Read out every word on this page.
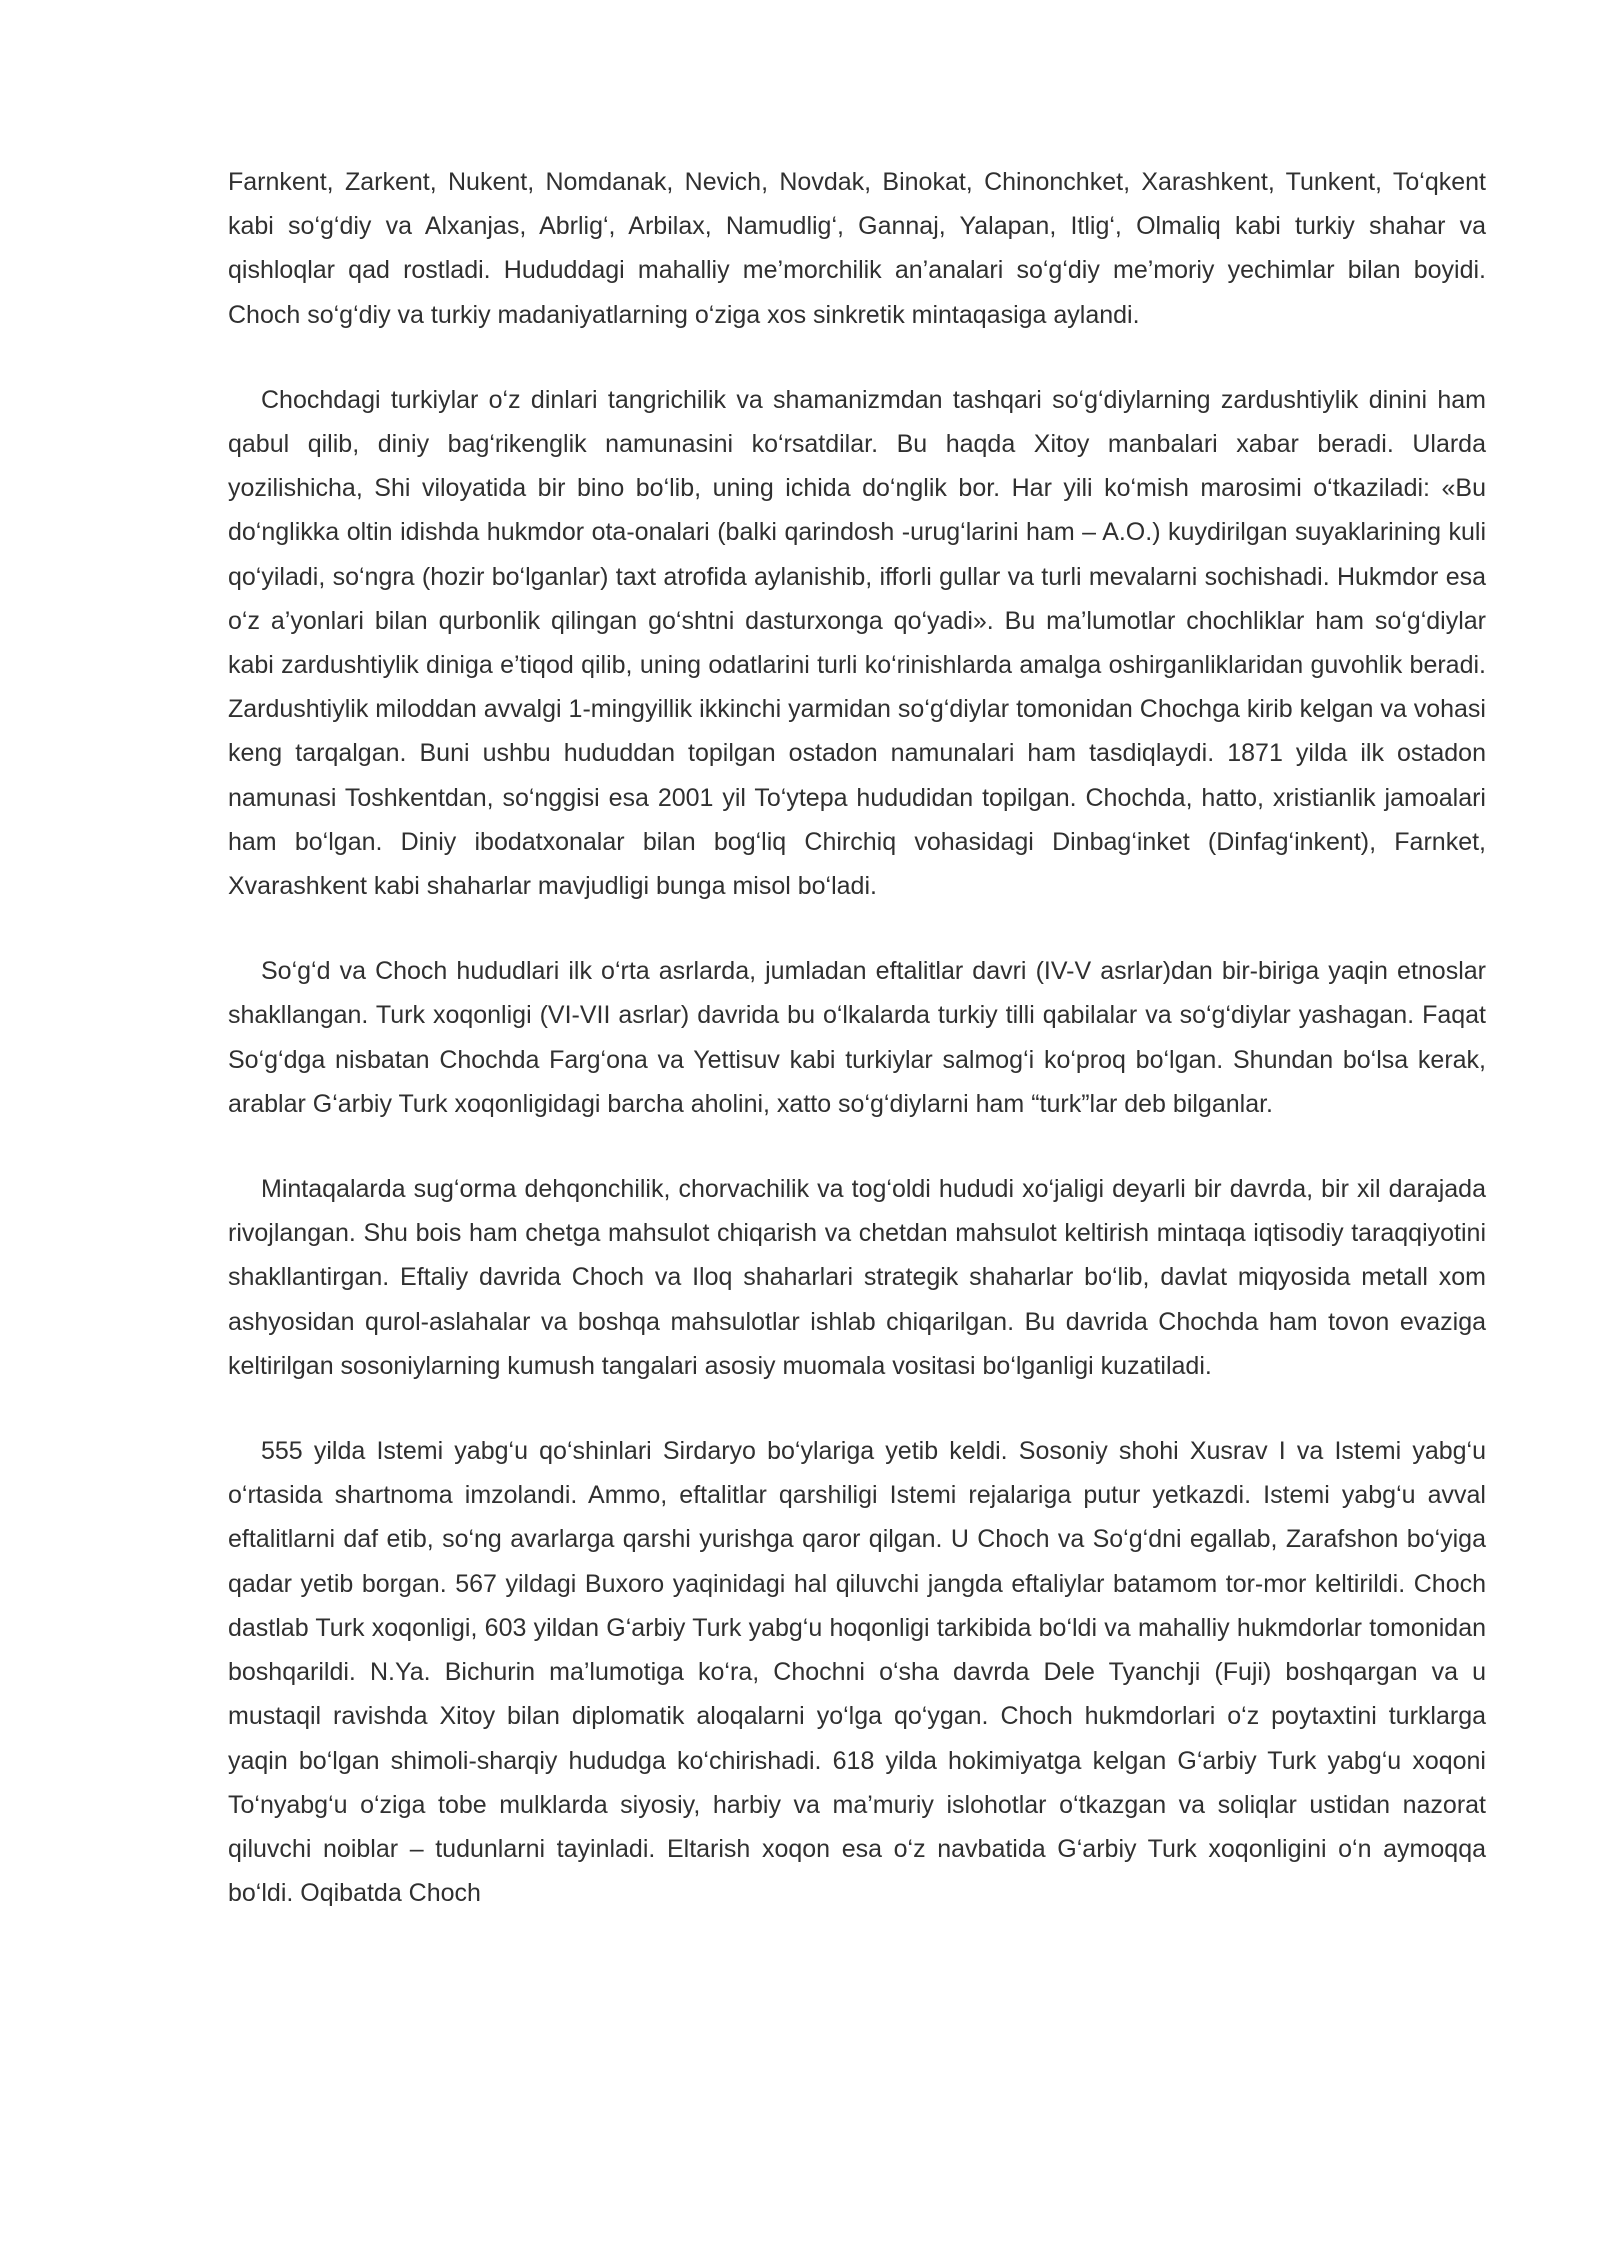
Farnkent, Zarkent, Nukent, Nomdanak, Nevich, Novdak, Binokat, Chinonchket, Xarashkent, Tunkent, To‘qkent kabi so‘g‘diy va Alxanjas, Abrlig‘, Arbilax, Namudlig‘, Gannaj, Yalapan, Itlig‘, Olmaliq kabi turkiy shahar va qishloqlar qad rostladi. Hududdagi mahalliy me’morchilik an’analari so‘g‘diy me’moriy yechimlar bilan boyidi. Choch so‘g‘diy va turkiy madaniyatlarning o‘ziga xos sinkretik mintaqasiga aylandi.

Chochdagi turkiylar o‘z dinlari tangrichilik va shamanizmdan tashqari so‘g‘diylarning zardushtiylik dinini ham qabul qilib, diniy bag‘rikenglik namunasini ko‘rsatdilar. Bu haqda Xitoy manbalari xabar beradi. Ularda yozilishicha, Shi viloyatida bir bino bo‘lib, uning ichida do‘nglik bor. Har yili ko‘mish marosimi o‘tkaziladi: «Bu do‘nglikka oltin idishda hukmdor ota-onalari (balki qarindosh -urug‘larini ham – A.O.) kuydirilgan suyaklarining kuli qo‘yiladi, so‘ngra (hozir bo‘lganlar) taxt atrofida aylanishib, ifforli gullar va turli mevalarni sochishadi. Hukmdor esa o‘z a’yonlari bilan qurbonlik qilingan go‘shtni dasturxonga qo‘yadi». Bu ma’lumotlar chochliklar ham so‘g‘diylar kabi zardushtiylik diniga e’tiqod qilib, uning odatlarini turli ko‘rinishlarda amalga oshirganliklaridan guvohlik beradi. Zardushtiylik miloddan avvalgi 1-mingyillik ikkinchi yarmidan so‘g‘diylar tomonidan Chochga kirib kelgan va vohasi keng tarqalgan. Buni ushbu hududdan topilgan ostadon namunalari ham tasdiqlaydi. 1871 yilda ilk ostadon namunasi Toshkentdan, so‘nggisi esa 2001 yil To‘ytepa hududidan topilgan. Chochda, hatto, xristianlik jamoalari ham bo‘lgan. Diniy ibodatxonalar bilan bog‘liq Chirchiq vohasidagi Dinbag‘inket (Dinfag‘inkent), Farnket, Xvarashkent kabi shaharlar mavjudligi bunga misol bo‘ladi.

So‘g‘d va Choch hududlari ilk o‘rta asrlarda, jumladan eftalitlar davri (IV-V asrlar)dan bir-biriga yaqin etnoslar shakllangan. Turk xoqonligi (VI-VII asrlar) davrida bu o‘lkalarda turkiy tilli qabilalar va so‘g‘diylar yashagan. Faqat So‘g‘dga nisbatan Chochda Farg‘ona va Yettisuv kabi turkiylar salmog‘i ko‘proq bo‘lgan. Shundan bo‘lsa kerak, arablar G‘arbiy Turk xoqonligidagi barcha aholini, xatto so‘g‘diylarni ham “turk”lar deb bilganlar.

Mintaqalarda sug‘orma dehqonchilik, chorvachilik va tog‘oldi hududi xo‘jaligi deyarli bir davrda, bir xil darajada rivojlangan. Shu bois ham chetga mahsulot chiqarish va chetdan mahsulot keltirish mintaqa iqtisodiy taraqqiyotini shakllantirgan. Eftaliy davrida Choch va Iloq shaharlari strategik shaharlar bo‘lib, davlat miqyosida metall xom ashyosidan qurol-aslahalar va boshqa mahsulotlar ishlab chiqarilgan. Bu davrida Chochda ham tovon evaziga keltirilgan sosoniylarning kumush tangalari asosiy muomala vositasi bo‘lganligi kuzatiladi.

555 yilda Istemi yabg‘u qo‘shinlari Sirdaryo bo‘ylariga yetib keldi. Sosoniy shohi Xusrav I va Istemi yabg‘u o‘rtasida shartnoma imzolandi. Ammo, eftalitlar qarshiligi Istemi rejalariga putur yetkazdi. Istemi yabg‘u avval eftalitlarni daf etib, so‘ng avarlarga qarshi yurishga qaror qilgan. U Choch va So‘g‘dni egallab, Zarafshon bo‘yiga qadar yetib borgan. 567 yildagi Buxoro yaqinidagi hal qiluvchi jangda eftaliylar batamom tor-mor keltirildi. Choch dastlab Turk xoqonligi, 603 yildan G‘arbiy Turk yabg‘u hoqonligi tarkibida bo‘ldi va mahalliy hukmdorlar tomonidan boshqarildi. N.Ya. Bichurin ma’lumotiga ko‘ra, Chochni o‘sha davrda Dele Tyanchji (Fuji) boshqargan va u mustaqil ravishda Xitoy bilan diplomatik aloqalarni yo‘lga qo‘ygan. Choch hukmdorlari o‘z poytaxtini turklarga yaqin bo‘lgan shimoli-sharqiy hududga ko‘chirishadi. 618 yilda hokimiyatga kelgan G‘arbiy Turk yabg‘u xoqoni To‘nyabg‘u o‘ziga tobe mulklarda siyosiy, harbiy va ma’muriy islohotlar o‘tkazgan va soliqlar ustidan nazorat qiluvchi noiblar – tudunlarni tayinladi. Eltarish xoqon esa o‘z navbatida G‘arbiy Turk xoqonligini o‘n aymoqqa bo‘ldi. Oqibatda Choch
